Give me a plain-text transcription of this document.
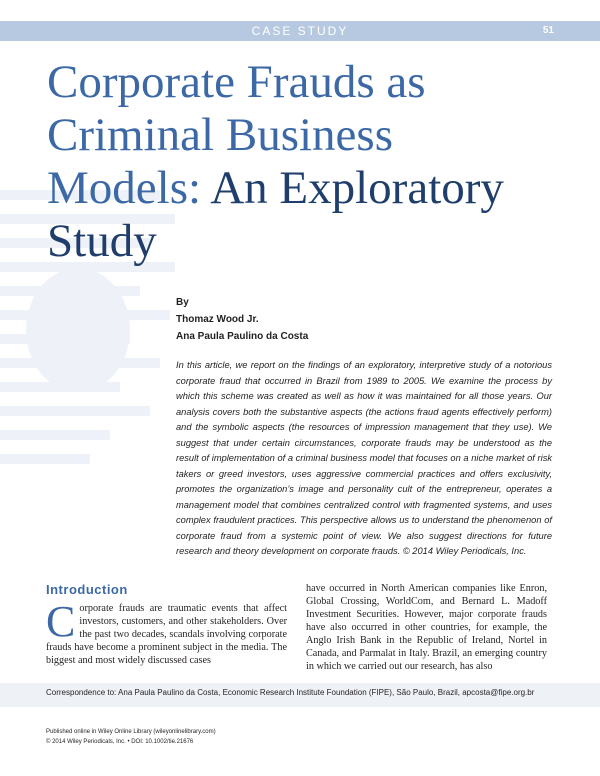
CASE STUDY	51
Corporate Frauds as
Criminal Business
Models: An Exploratory
Study
By
Thomaz Wood Jr.
Ana Paula Paulino da Costa

In this article, we report on the findings of an exploratory, interpretive study of a notorious corporate fraud that occurred in Brazil from 1989 to 2005. We examine the process by which this scheme was created as well as how it was maintained for all those years. Our analysis covers both the substantive aspects (the actions fraud agents effectively perform) and the symbolic aspects (the resources of impression management that they use). We suggest that under certain circumstances, corporate frauds may be understood as the result of implementation of a criminal business model that focuses on a niche market of risk takers or greed investors, uses aggressive commercial practices and offers exclusivity, promotes the organization’s image and personality cult of the entrepreneur, operates a management model that combines centralized control with fragmented systems, and uses complex fraudulent practices. This perspective allows us to understand the phenomenon of corporate fraud from a systemic point of view. We also suggest directions for future research and theory development on corporate frauds. © 2014 Wiley Periodicals, Inc.

Introduction

Corporate frauds are traumatic events that affect investors, customers, and other stakeholders. Over the past two decades, scandals involving corporate frauds have become a prominent subject in the media. The biggest and most widely discussed cases

have occurred in North American companies like Enron, Global Crossing, WorldCom, and Bernard L. Madoff Investment Securities. However, major corporate frauds have also occurred in other countries, for example, the Anglo Irish Bank in the Republic of Ireland, Nortel in Canada, and Parmalat in Italy. Brazil, an emerging country in which we carried out our research, has also

Correspondence to: Ana Paula Paulino da Costa, Economic Research Institute Foundation (FIPE), São Paulo, Brazil, apcosta@fipe.org.br

Published online in Wiley Online Library (wileyonlinelibrary.com)

© 2014 Wiley Periodicals, Inc. • DOI: 10.1002/tie.21676
